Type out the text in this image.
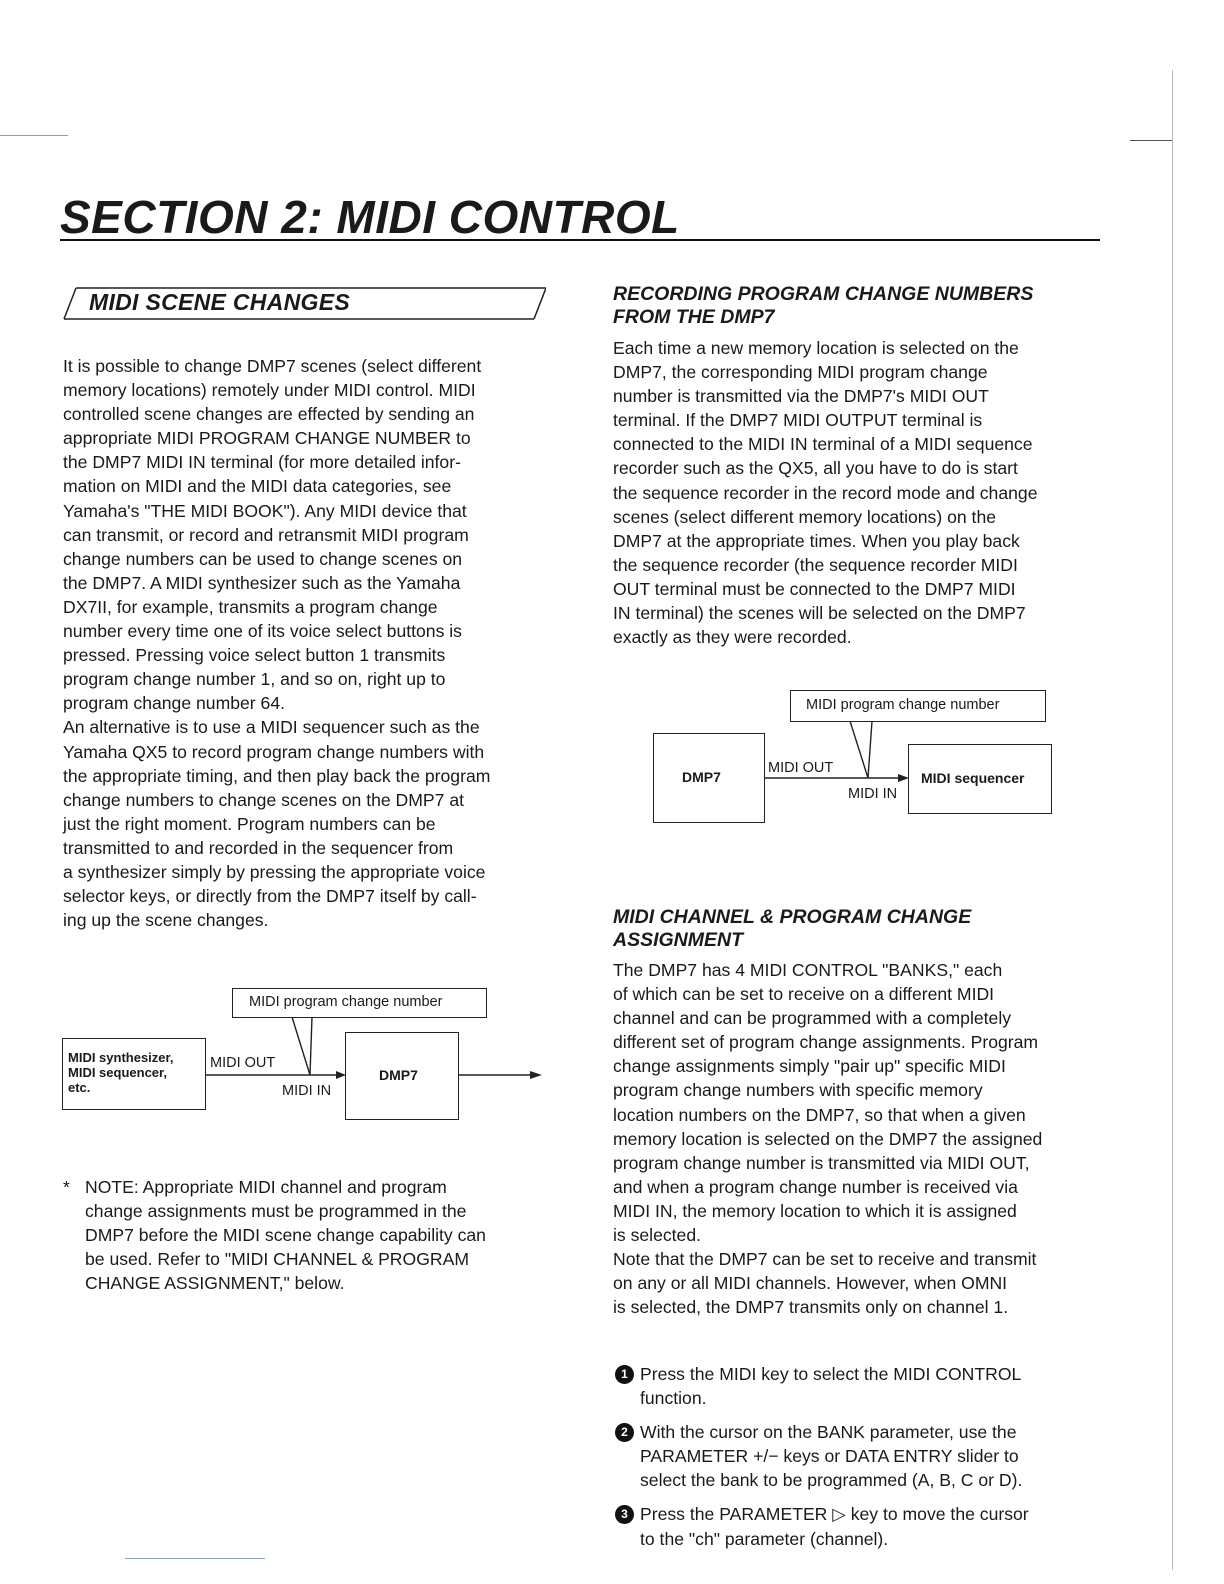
SECTION 2: MIDI CONTROL
MIDI SCENE CHANGES

It is possible to change DMP7 scenes (select different
memory locations) remotely under MIDI control. MIDI
controlled scene changes are effected by sending an
appropriate MIDI PROGRAM CHANGE NUMBER to
the DMP7 MIDI IN terminal (for more detailed infor-
mation on MIDI and the MIDI data categories, see
Yamaha's "THE MIDI BOOK"). Any MIDI device that
can transmit, or record and retransmit MIDI program
change numbers can be used to change scenes on
the DMP7. A MIDI synthesizer such as the Yamaha
DX7II, for example, transmits a program change
number every time one of its voice select buttons is
pressed. Pressing voice select button 1 transmits
program change number 1, and so on, right up to
program change number 64.
An alternative is to use a MIDI sequencer such as the
Yamaha QX5 to record program change numbers with
the appropriate timing, and then play back the program
change numbers to change scenes on the DMP7 at
just the right moment. Program numbers can be
transmitted to and recorded in the sequencer from
a synthesizer simply by pressing the appropriate voice
selector keys, or directly from the DMP7 itself by call-
ing up the scene changes.

MIDI program change number
MIDI synthesizer,
MIDI sequencer,
etc.
MIDI OUT
MIDI IN
DMP7
* NOTE: Appropriate MIDI channel and program
change assignments must be programmed in the
DMP7 before the MIDI scene change capability can
be used. Refer to "MIDI CHANNEL & PROGRAM
CHANGE ASSIGNMENT," below.
RECORDING PROGRAM CHANGE NUMBERS
FROM THE DMP7

Each time a new memory location is selected on the
DMP7, the corresponding MIDI program change
number is transmitted via the DMP7's MIDI OUT
terminal. If the DMP7 MIDI OUTPUT terminal is
connected to the MIDI IN terminal of a MIDI sequence
recorder such as the QX5, all you have to do is start
the sequence recorder in the record mode and change
scenes (select different memory locations) on the
DMP7 at the appropriate times. When you play back
the sequence recorder (the sequence recorder MIDI
OUT terminal must be connected to the DMP7 MIDI
IN terminal) the scenes will be selected on the DMP7
exactly as they were recorded.

MIDI program change number
DMP7
MIDI OUT
MIDI IN
MIDI sequencer
MIDI CHANNEL & PROGRAM CHANGE
ASSIGNMENT

The DMP7 has 4 MIDI CONTROL "BANKS," each
of which can be set to receive on a different MIDI
channel and can be programmed with a completely
different set of program change assignments. Program
change assignments simply "pair up" specific MIDI
program change numbers with specific memory
location numbers on the DMP7, so that when a given
memory location is selected on the DMP7 the assigned
program change number is transmitted via MIDI OUT,
and when a program change number is received via
MIDI IN, the memory location to which it is assigned
is selected.
Note that the DMP7 can be set to receive and transmit
on any or all MIDI channels. However, when OMNI
is selected, the DMP7 transmits only on channel 1.

1 Press the MIDI key to select the MIDI CONTROL
function.
2 With the cursor on the BANK parameter, use the
PARAMETER +/− keys or DATA ENTRY slider to
select the bank to be programmed (A, B, C or D).
3 Press the PARAMETER ▷ key to move the cursor
to the "ch" parameter (channel).
